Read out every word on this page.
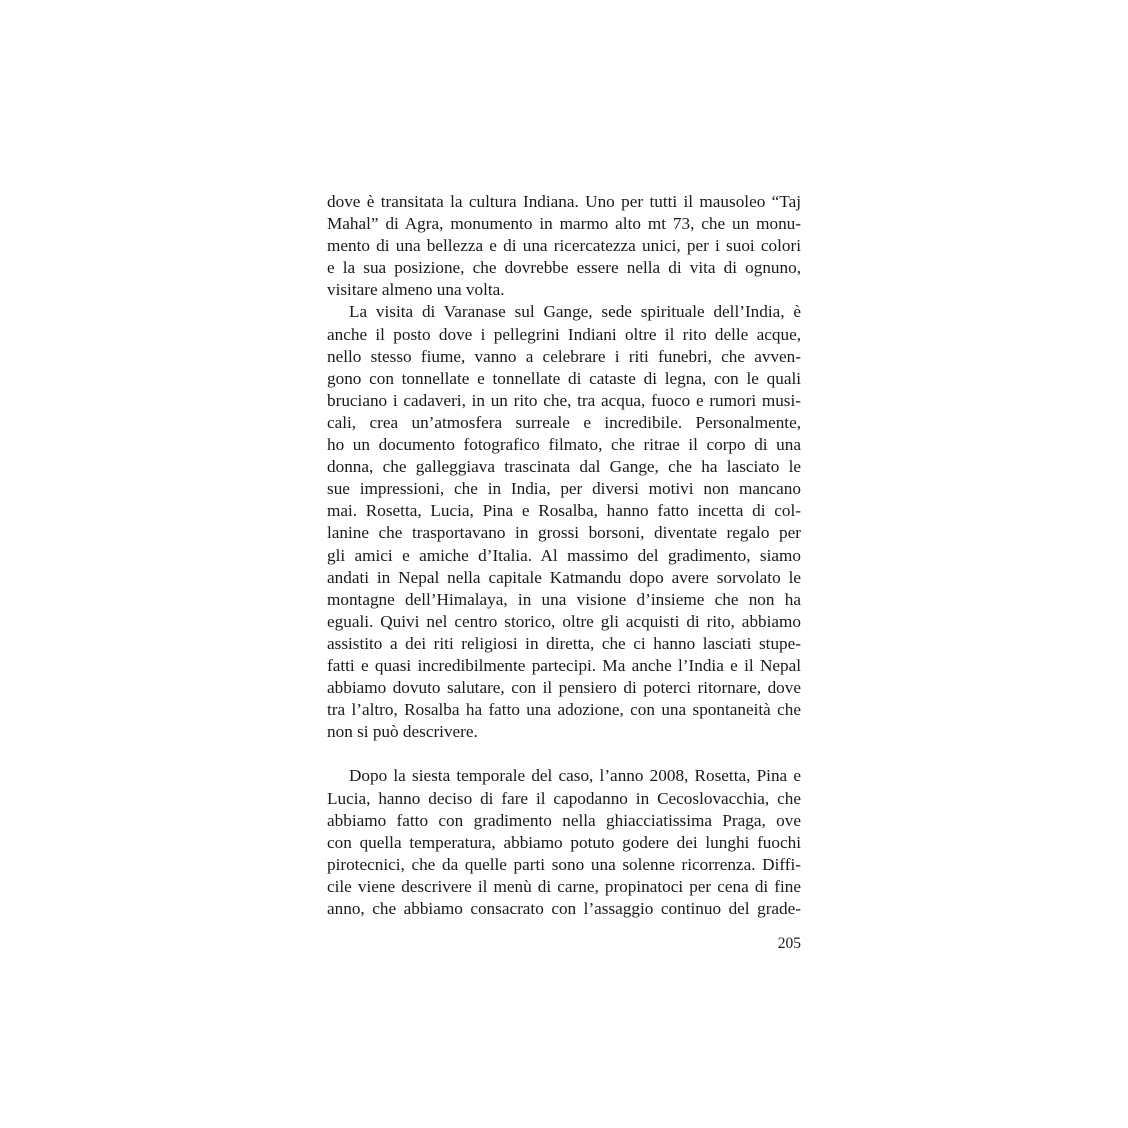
dove è transitata la cultura Indiana. Uno per tutti il mausoleo “Taj
Mahal” di Agra, monumento in marmo alto mt 73, che un monu-
mento di una bellezza e di una ricercatezza unici, per i suoi colori
e la sua posizione, che dovrebbe essere nella di vita di ognuno,
visitare almeno una volta.
La visita di Varanase sul Gange, sede spirituale dell’India, è
anche il posto dove i pellegrini Indiani oltre il rito delle acque,
nello stesso fiume, vanno a celebrare i riti funebri, che avven-
gono con tonnellate e tonnellate di cataste di legna, con le quali
bruciano i cadaveri, in un rito che, tra acqua, fuoco e rumori musi-
cali, crea un’atmosfera surreale e incredibile. Personalmente,
ho un documento fotografico filmato, che ritrae il corpo di una
donna, che galleggiava trascinata dal Gange, che ha lasciato le
sue impressioni, che in India, per diversi motivi non mancano
mai. Rosetta, Lucia, Pina e Rosalba, hanno fatto incetta di col-
lanine che trasportavano in grossi borsoni, diventate regalo per
gli amici e amiche d’Italia. Al massimo del gradimento, siamo
andati in Nepal nella capitale Katmandu dopo avere sorvolato le
montagne dell’Himalaya, in una visione d’insieme che non ha
eguali. Quivi nel centro storico, oltre gli acquisti di rito, abbiamo
assistito a dei riti religiosi in diretta, che ci hanno lasciati stupe-
fatti e quasi incredibilmente partecipi. Ma anche l’India e il Nepal
abbiamo dovuto salutare, con il pensiero di poterci ritornare, dove
tra l’altro, Rosalba ha fatto una adozione, con una spontaneità che
non si può descrivere.
Dopo la siesta temporale del caso, l’anno 2008, Rosetta, Pina e
Lucia, hanno deciso di fare il capodanno in Cecoslovacchia, che
abbiamo fatto con gradimento nella ghiacciatissima Praga, ove
con quella temperatura, abbiamo potuto godere dei lunghi fuochi
pirotecnici, che da quelle parti sono una solenne ricorrenza. Diffi-
cile viene descrivere il menù di carne, propinatoci per cena di fine
anno, che abbiamo consacrato con l’assaggio continuo del grade-
205
